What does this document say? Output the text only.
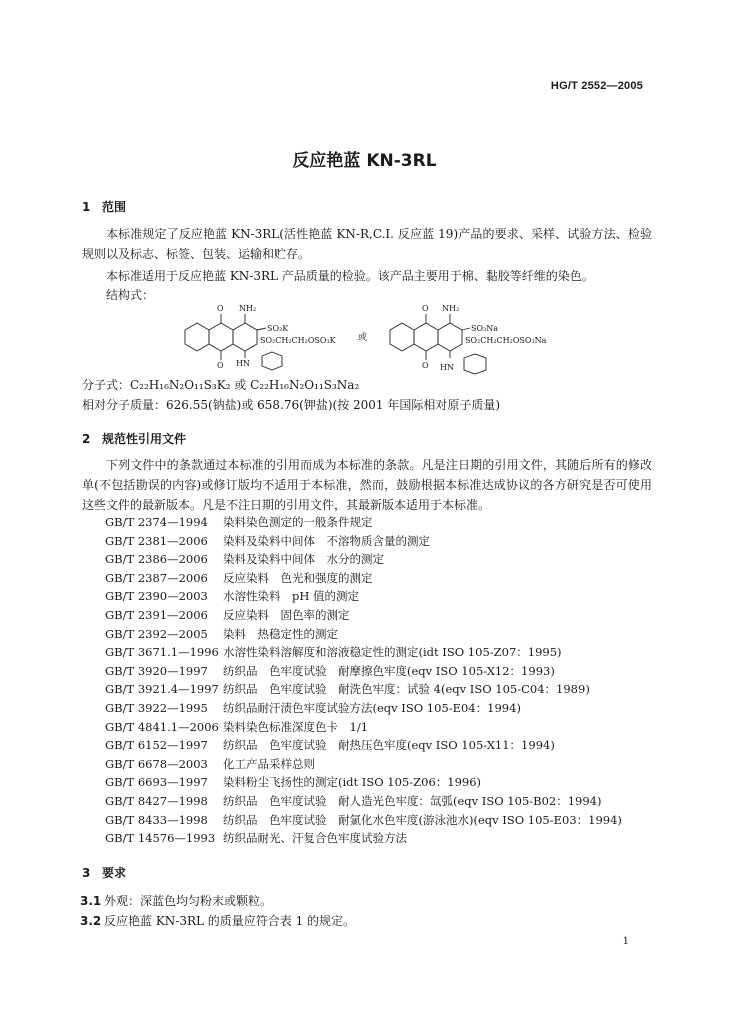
HG/T 2552—2005
反应艳蓝 KN-3RL
1 范围
本标准规定了反应艳蓝 KN-3RL(活性艳蓝 KN-R,C.I. 反应蓝 19)产品的要求、采样、试验方法、检验规则以及标志、标签、包装、运输和贮存。
本标准适用于反应艳蓝 KN-3RL 产品质量的检验。该产品主要用于棉、黏胶等纤维的染色。
结构式：
O NH₂
SO₃K
SO₂CH₂CH₂OSO₃K
O HN
或
O NH₂
SO₃Na
SO₂CH₂CH₂OSO₃Na
O HN
分子式：C₂₂H₁₆N₂O₁₁S₃K₂ 或 C₂₂H₁₆N₂O₁₁S₃Na₂
相对分子质量：626.55(钠盐)或 658.76(钾盐)(按 2001 年国际相对原子质量)
2 规范性引用文件
下列文件中的条款通过本标准的引用而成为本标准的条款。凡是注日期的引用文件，其随后所有的修改单(不包括勘误的内容)或修订版均不适用于本标准，然而，鼓励根据本标准达成协议的各方研究是否可使用这些文件的最新版本。凡是不注日期的引用文件，其最新版本适用于本标准。
GB/T 2374—1994 染料染色测定的一般条件规定
GB/T 2381—2006 染料及染料中间体　不溶物质含量的测定
GB/T 2386—2006 染料及染料中间体　水分的测定
GB/T 2387—2006 反应染料　色光和强度的测定
GB/T 2390—2003 水溶性染料　pH 值的测定
GB/T 2391—2006 反应染料　固色率的测定
GB/T 2392—2005 染料　热稳定性的测定
GB/T 3671.1—1996 水溶性染料溶解度和溶液稳定性的测定(idt ISO 105-Z07：1995)
GB/T 3920—1997 纺织品　色牢度试验　耐摩擦色牢度(eqv ISO 105-X12：1993)
GB/T 3921.4—1997 纺织品　色牢度试验　耐洗色牢度：试验 4(eqv ISO 105-C04：1989)
GB/T 3922—1995 纺织品耐汗渍色牢度试验方法(eqv ISO 105-E04：1994)
GB/T 4841.1—2006 染料染色标准深度色卡　1/1
GB/T 6152—1997 纺织品　色牢度试验　耐热压色牢度(eqv ISO 105-X11：1994)
GB/T 6678—2003 化工产品采样总则
GB/T 6693—1997 染料粉尘飞扬性的测定(idt ISO 105-Z06：1996)
GB/T 8427—1998 纺织品　色牢度试验　耐人造光色牢度：氙弧(eqv ISO 105-B02：1994)
GB/T 8433—1998 纺织品　色牢度试验　耐氯化水色牢度(游泳池水)(eqv ISO 105-E03：1994)
GB/T 14576—1993 纺织品耐光、汗复合色牢度试验方法
3 要求
3.1 外观：深蓝色均匀粉末或颗粒。
3.2 反应艳蓝 KN-3RL 的质量应符合表 1 的规定。
1
